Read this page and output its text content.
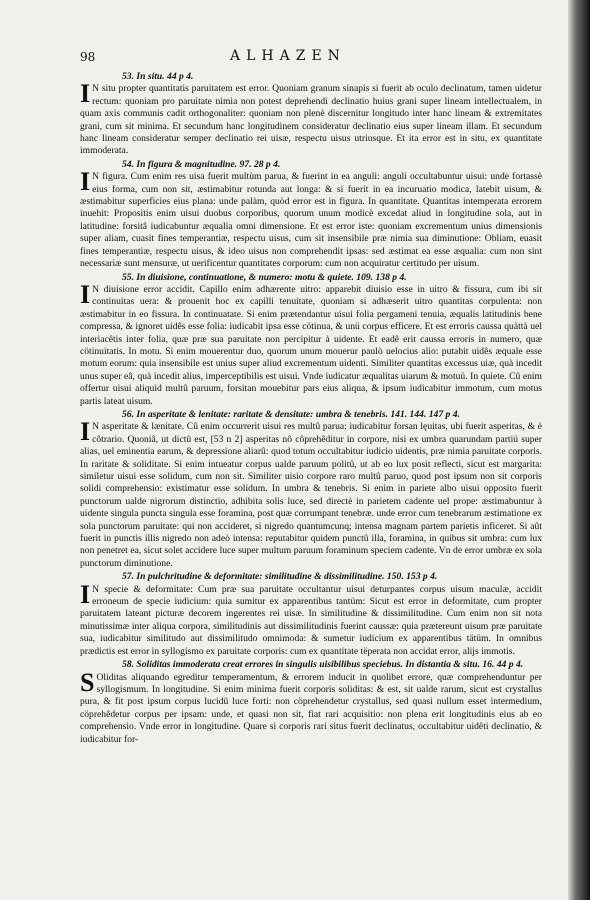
98	ALHAZEN
53. In situ. 44 p 4.

IN situ propter quantitatis paruitatem est error. Quoniam granum sinapis si fuerit ab oculo declinatum, tamen uidetur rectum: quoniam pro paruitate nimia non potest deprehendi declinatio huius grani super lineam intellectualem, in quam axis communis cadit orthogonaliter: quoniam non plenè discernitur longitudo inter hanc lineam & extremitates grani, cum sit minima. Et secundum hanc longitudinem consideratur declinatio eius super lineam illam. Et secundum hanc lineam consideratur semper declinatio rei uisæ, respectu uisus utriusque. Et ita error est in situ, ex quantitate immoderata.

54. In figura & magnitudine. 97. 28 p 4.

IN figura. Cum enim res uisa fuerit multùm parua, & fuerint in ea anguli: anguli occultabuntur uisui: unde fortassè eius forma, cum non sit, æstimabitur rotunda aut longa: & si fuerit in ea incuruatio modica, latebit uisum, & æstimabitur superficies eius plana: unde palàm, quòd error est in figura. In quantitate. Quantitas intemperata errorem inuehit: Propositis enim uisui duobus corporibus, quorum unum modicè excedat aliud in longitudine sola, aut in latitudine: forsitâ iudicabuntur æqualia omni dimensione. Et est error iste: quoniam excrementum unius dimensionis super aliam, cuasit fines temperantiæ, respectu uisus, cum sit insensibile præ nimia sua diminutione: Obliam, euasit fines temperantiæ, respectu uisus, & ideo uisus non comprehendit ipsas: sed æstimat ea esse æqualia: cum non sint necessariæ sunt mensuræ, ut uerificentur quantitates corporum: cum non acquiratur certitudo per uisum.

55. In diuisione, continuatione, & numero: motu & quiete. 109. 138 p 4.

IN diuisione error accidit. Capillo enim adhærente uitro: apparebit diuisio esse in uitro & fissura, cum ibi sit continuitas uera: & prouenit hoc ex capilli tenuitate, quoniam si adhæserit uitro quantitas corpulenta: non æstimabitur in eo fissura. In continuatate. Si enim prætendantur uisui folia pergameni tenuia, æqualis latitudinis bene compressa, & ignoret uidês esse folia: iudicabit ipsa esse cötinua, & unü corpus efficere. Et est erroris caussa quàttà uel interiacêtis inter folia, quæ præ sua paruitate non percipitur à uidente. Et eadê erit caussa erroris in numero, quæ cötinuitatis. In motu. Si enim mouerentur duo, quorum unum mouerur paulò uelocius alio: putabit uidês æquale esse motum eorum: quia insensibile est unius super aliud excrementum uidenti. Similiter quantitas excessus uiæ, quà incedit unus super eâ, quà incedit alius, imperceptibilis est uisui. Vnde iudicatur æqualitas uiarum & motuü. In quiete. Cû enim offertur uisui aliquid multû paruum, forsitan mouebitur pars eius aliqua, & ipsum iudicabitur immotum, cum motus partis lateat uisum.

56. In asperitate & lenitate: raritate & densitate: umbra & tenebris. 141. 144. 147 p 4.

IN asperitate & lænitate. Cû enim occurrerit uisui res multû parua: iudicabitur forsan lęuitas, ubi fuerit asperitas, & è côtrario. Quoniâ, ut dictû est, [53 n 2] asperitas nô côprehêditur in corpore, nisi ex umbra quarundam partiü super alias, uel eminentia earum, & depressione aliarû: quod totum occultabitur iudicio uidentis, præ nimia paruitate corporis. In raritate & soliditate. Si enim intueatur corpus ualde paruum politû, ut ab eo lux posit reflecti, sicut est margarita: similetur uisui esse solidum, cum non sit. Similiter uisio corpore raro multû paruo, quod post ipsum non sit corporis solidi comprehensio: existimatur esse solidum. In umbra & tenebris. Si enim in pariete albo uisui opposito fuerit punctorum ualde nigrorum distinctio, adhibita solis luce, sed directè in parietem cadente uel prope: æstimabuntur à uidente singula puncta singula esse foramina, post quæ corrumpant tenebræ. unde error cum tenebrarum æstimatione ex sola punctorum paruitate: qui non accideret, si nigredo quantumcunq; intensa magnam partem parietis inficeret. Si aût fuerit in punctis illis nigredo non adeò intensa: reputabitur quidem punctû illa, foramina, in quibus sit umbra: cum lux non penetret ea, sicut solet accidere luce super multum paruum foraminum speciem cadente. Vn de error umbræ ex sola punctorum diminutione.

57. In pulchritudine & deformitate: similitudine & dissimilitudine. 150. 153 p 4.

IN specie & deformitate: Cum præ sua paruitate occultantur uisui deturpantes corpus uisum maculæ, accidit erroneum de specie iudicium: quia sumitur ex apparentibus tantüm: Sicut est error in deformitate, cum propter paruitatem lateant picturæ decorem ingerentes rei uisæ. In similitudine & dissimilitudine. Cum enim non sit nota minutissimæ inter aliqua corpora, similitudinis aut dissimilitudinis fuerint caussæ: quia prætereunt uisum præ paruitate sua, iudicabitur similitudo aut dissimilitudo omnimoda: & sumetur iudicium ex apparentibus tätüm. In omnibus prædictis est error in syllogismo ex paruitate corporis: cum ex quantitate tëperata non accidat error, alijs immotis.

58. Soliditas immoderata creat errores in singulis uisibilibus speciebus. In distantia & situ. 16. 44 p 4.

SOliditas aliquando egreditur temperamentum, & errorem inducit in quolibet errore, quæ comprehenduntur per syllogismum. In longitudine. Si enim minima fuerit corporis soliditas: & est, sit ualde rarum, sicut est crystallus pura, & fit post ipsum corpus lucidû luce forti: non cöprehendetur crystallus, sed quasi nullum esset intermedium, cöprehêdetur corpus per ipsam: unde, et quasi non sit, fiat rari acquisitio: non plena erit longitudinis eius ab eo comprehensio. Vnde error in longitudine. Quare si corporis rari situs fuerit declinatus, occultabitur uidêti declinatio, & iudicabitur for-
